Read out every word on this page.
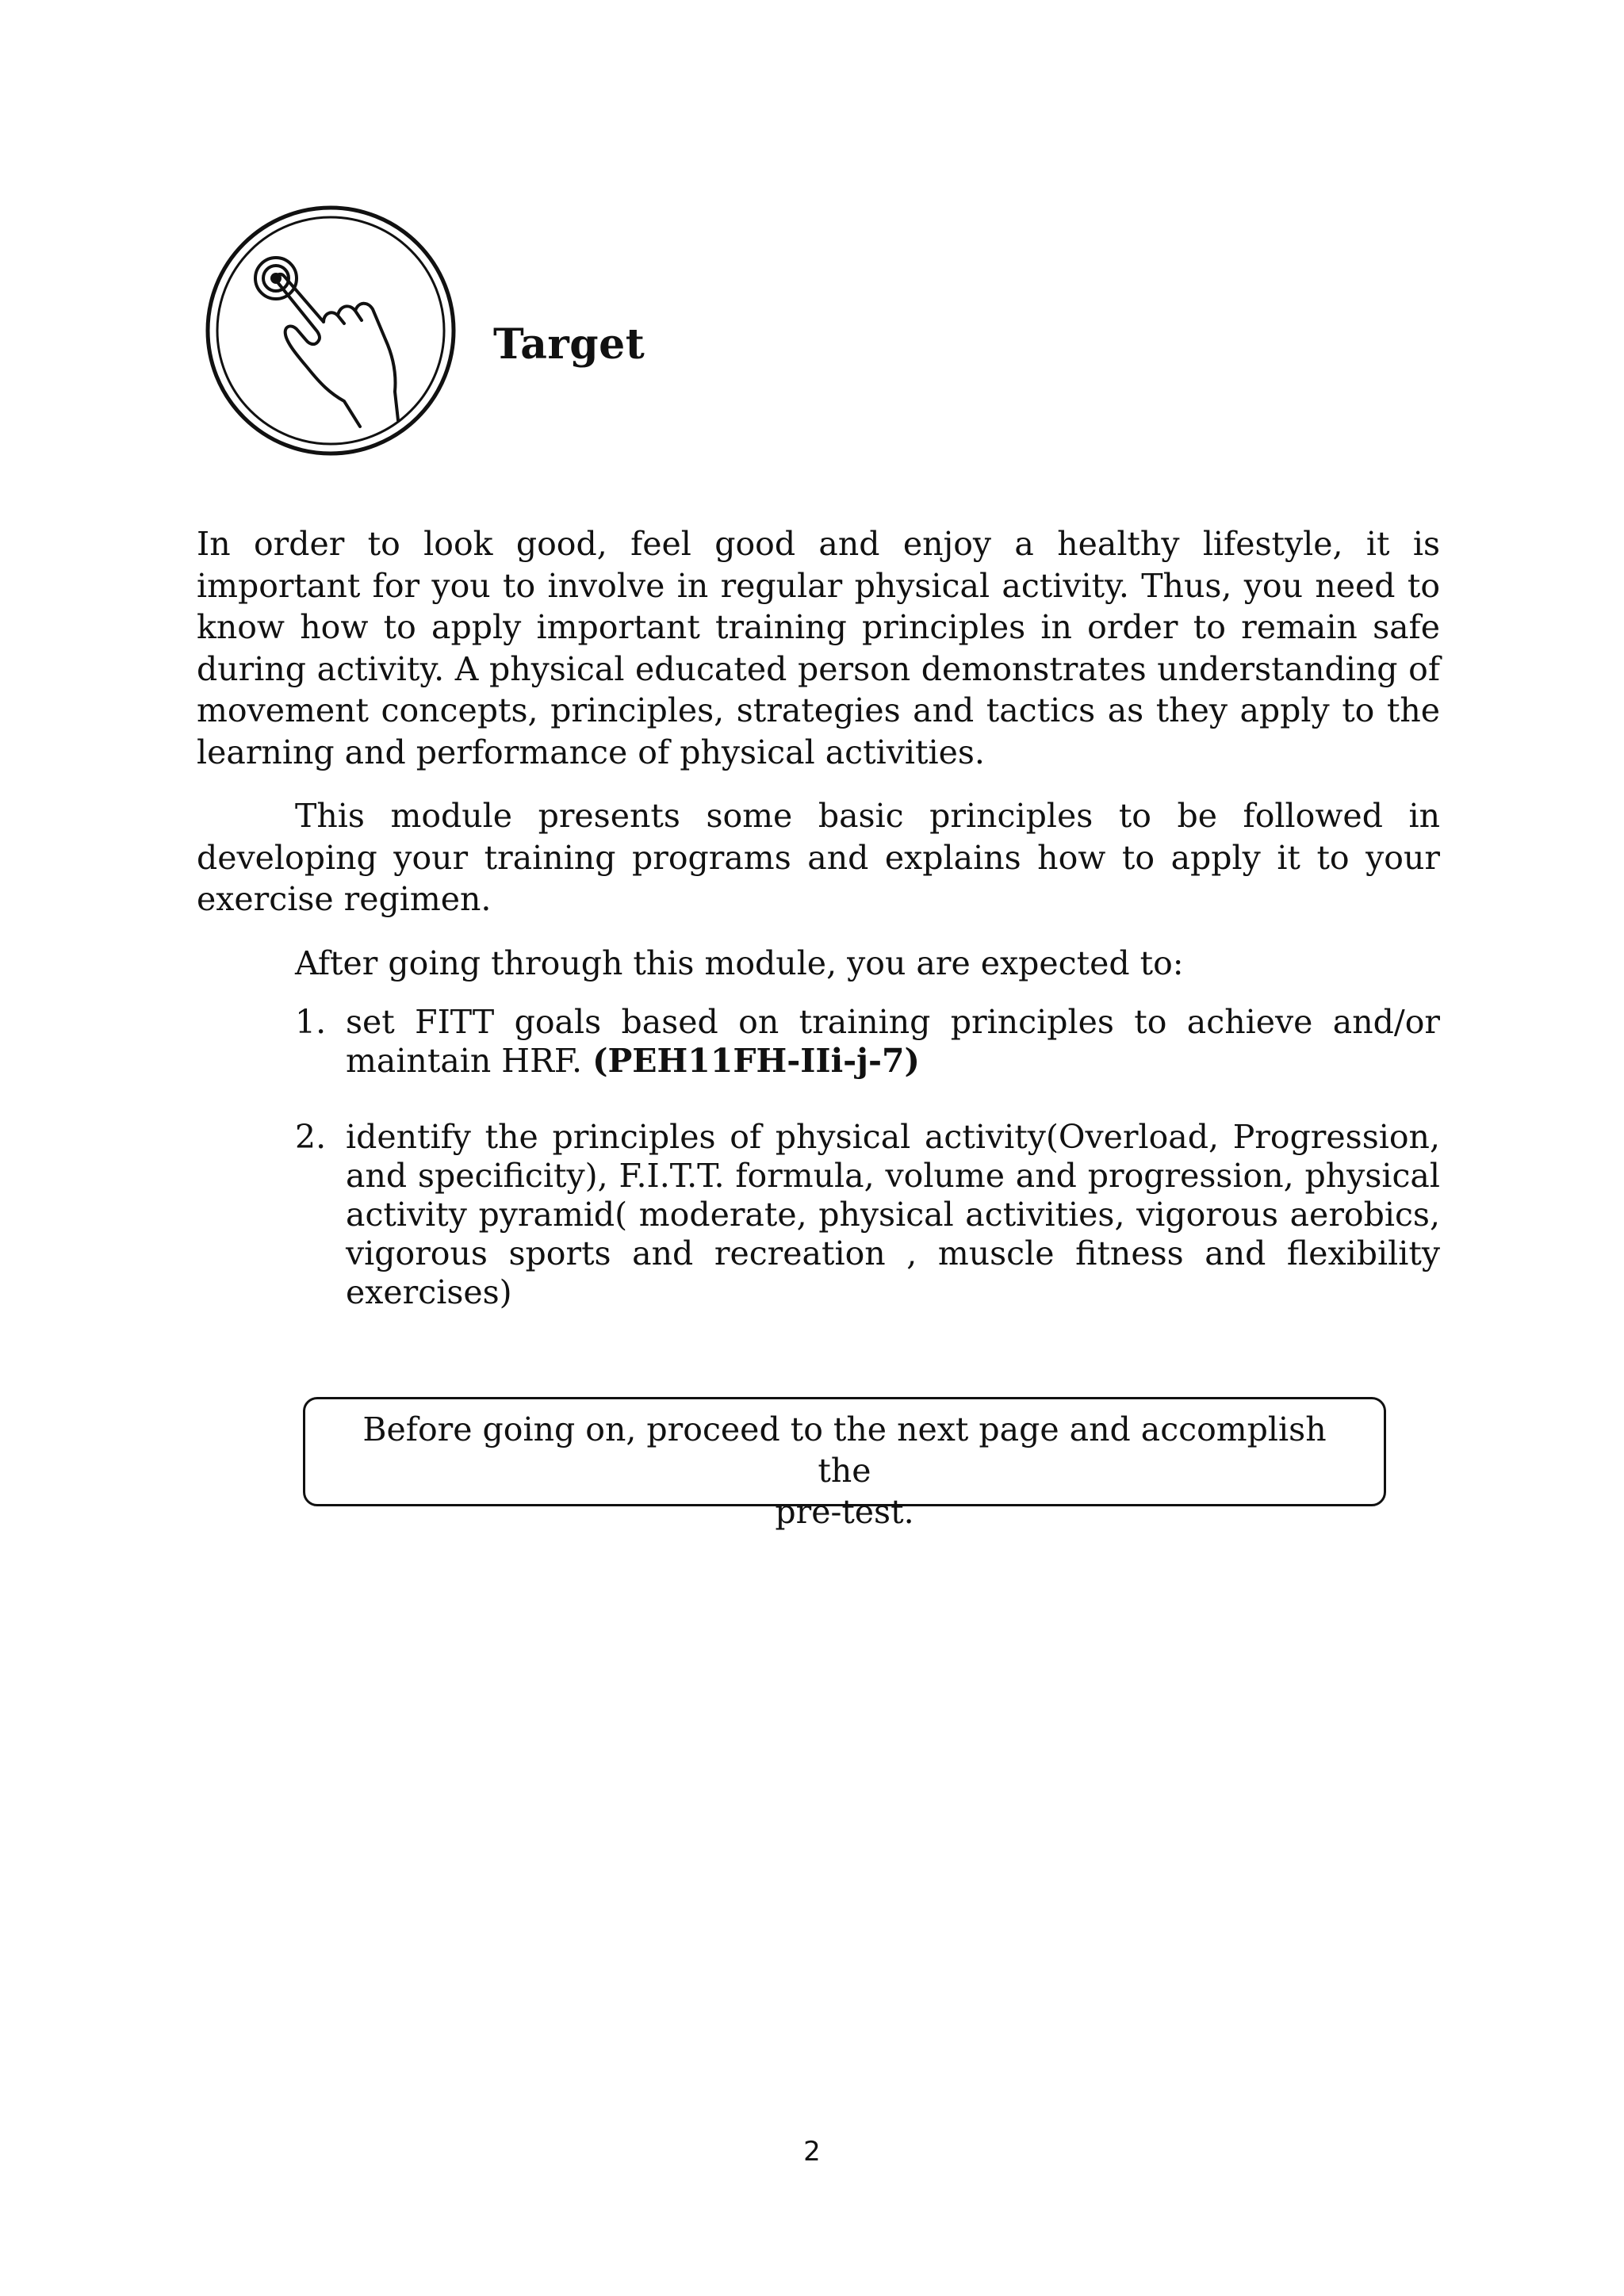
Target

In order to look good, feel good and enjoy a healthy lifestyle, it is important for you to involve in regular physical activity. Thus, you need to know how to apply important training principles in order to remain safe during activity. A physical educated person demonstrates understanding of movement concepts, principles, strategies and tactics as they apply to the learning and performance of physical activities.

This module presents some basic principles to be followed in developing your training programs and explains how to apply it to your exercise regimen.

After going through this module, you are expected to:

1. set FITT goals based on training principles to achieve and/or maintain HRF. (PEH11FH-IIi-j-7)
2. identify the principles of physical activity(Overload, Progression, and specificity), F.I.T.T. formula, volume and progression, physical activity pyramid( moderate, physical activities, vigorous aerobics, vigorous sports and recreation , muscle fitness and flexibility exercises)
Before going on, proceed to the next page and accomplish the
pre-test.
2
